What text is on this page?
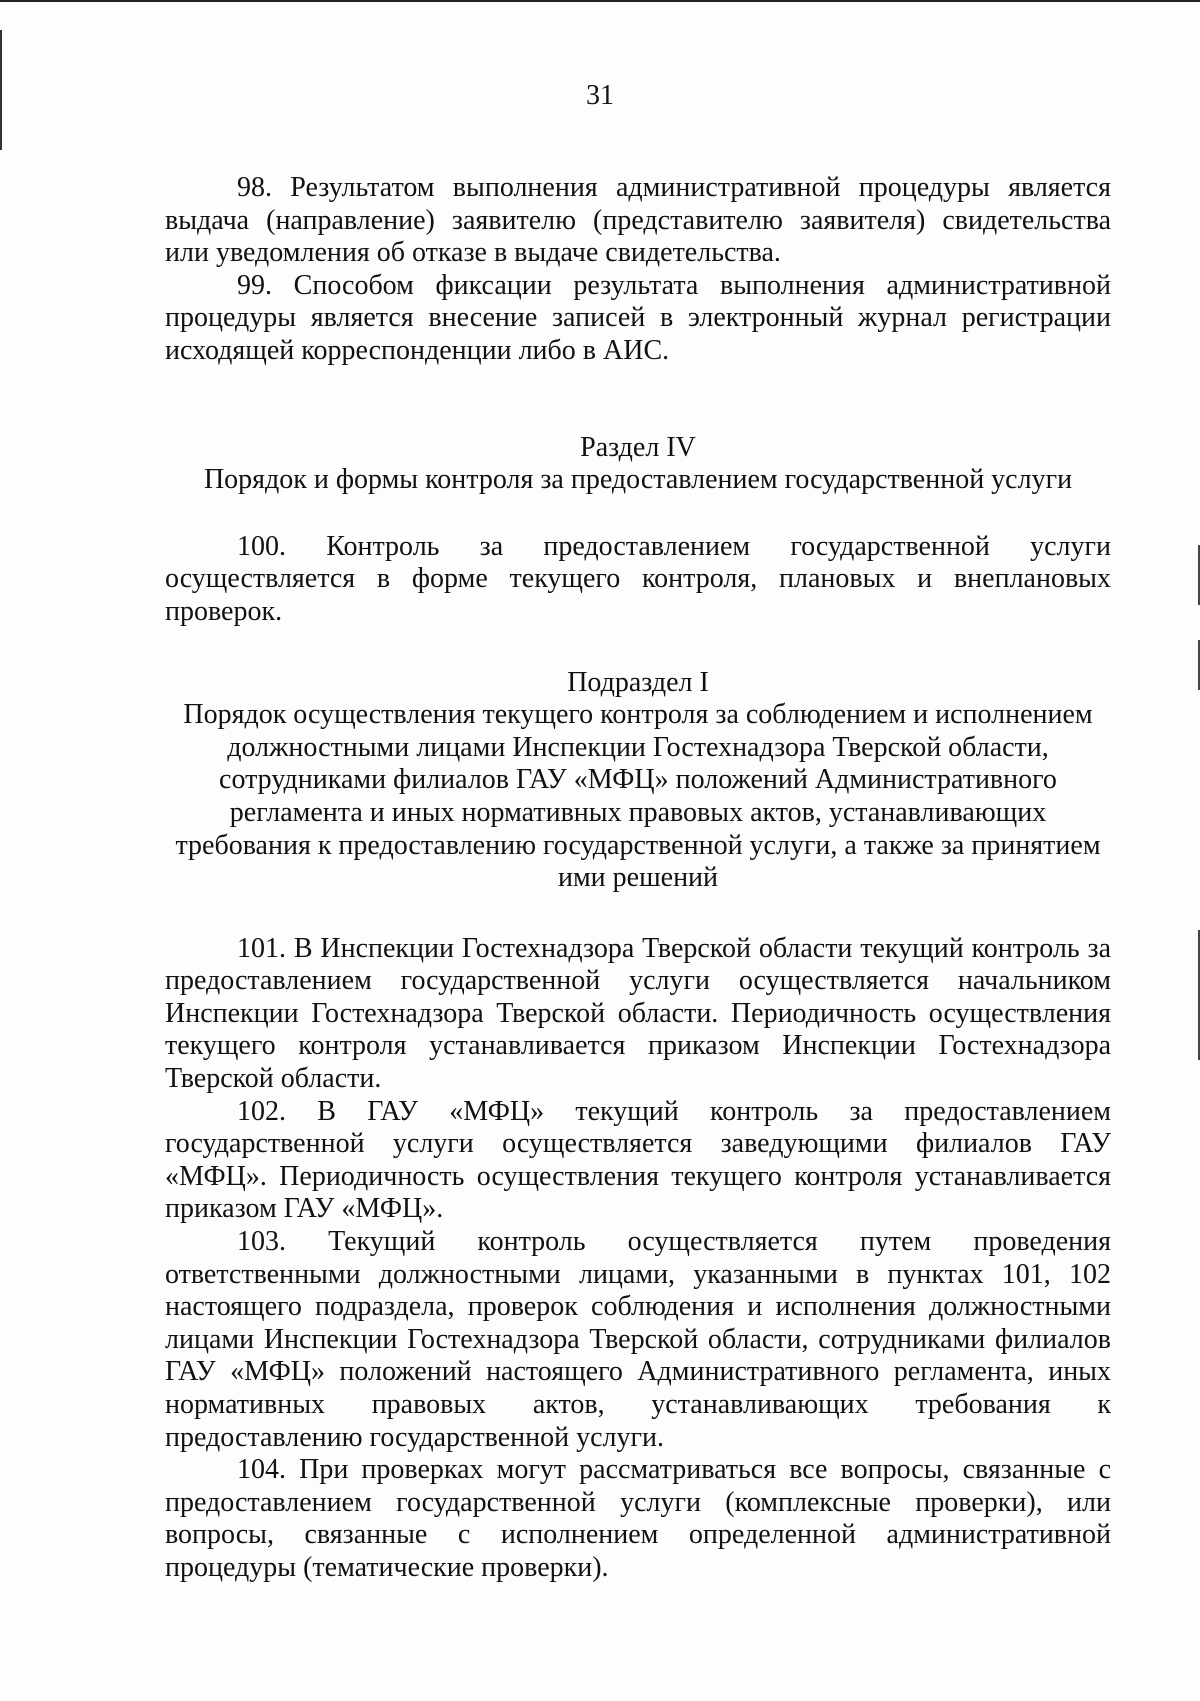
31

98. Результатом выполнения административной процедуры является выдача (направление) заявителю (представителю заявителя) свидетельства или уведомления об отказе в выдаче свидетельства.

99. Способом фиксации результата выполнения административной процедуры является внесение записей в электронный журнал регистрации исходящей корреспонденции либо в АИС.

Раздел IV

Порядок и формы контроля за предоставлением государственной услуги

100. Контроль за предоставлением государственной услуги осуществляется в форме текущего контроля, плановых и внеплановых проверок.

Подраздел I

Порядок осуществления текущего контроля за соблюдением и исполнением

должностными лицами Инспекции Гостехнадзора Тверской области,

сотрудниками филиалов ГАУ «МФЦ» положений Административного

регламента и иных нормативных правовых актов, устанавливающих

требования к предоставлению государственной услуги, а также за принятием

ими решений

101. В Инспекции Гостехнадзора Тверской области текущий контроль за предоставлением государственной услуги осуществляется начальником Инспекции Гостехнадзора Тверской области. Периодичность осуществления текущего контроля устанавливается приказом Инспекции Гостехнадзора Тверской области.

102. В ГАУ «МФЦ» текущий контроль за предоставлением государственной услуги осуществляется заведующими филиалов ГАУ «МФЦ». Периодичность осуществления текущего контроля устанавливается приказом ГАУ «МФЦ».

103. Текущий контроль осуществляется путем проведения ответственными должностными лицами, указанными в пунктах 101, 102 настоящего подраздела, проверок соблюдения и исполнения должностными лицами Инспекции Гостехнадзора Тверской области, сотрудниками филиалов ГАУ «МФЦ» положений настоящего Административного регламента, иных нормативных правовых актов, устанавливающих требования к предоставлению государственной услуги.

104. При проверках могут рассматриваться все вопросы, связанные с предоставлением государственной услуги (комплексные проверки), или вопросы, связанные с исполнением определенной административной процедуры (тематические проверки).
